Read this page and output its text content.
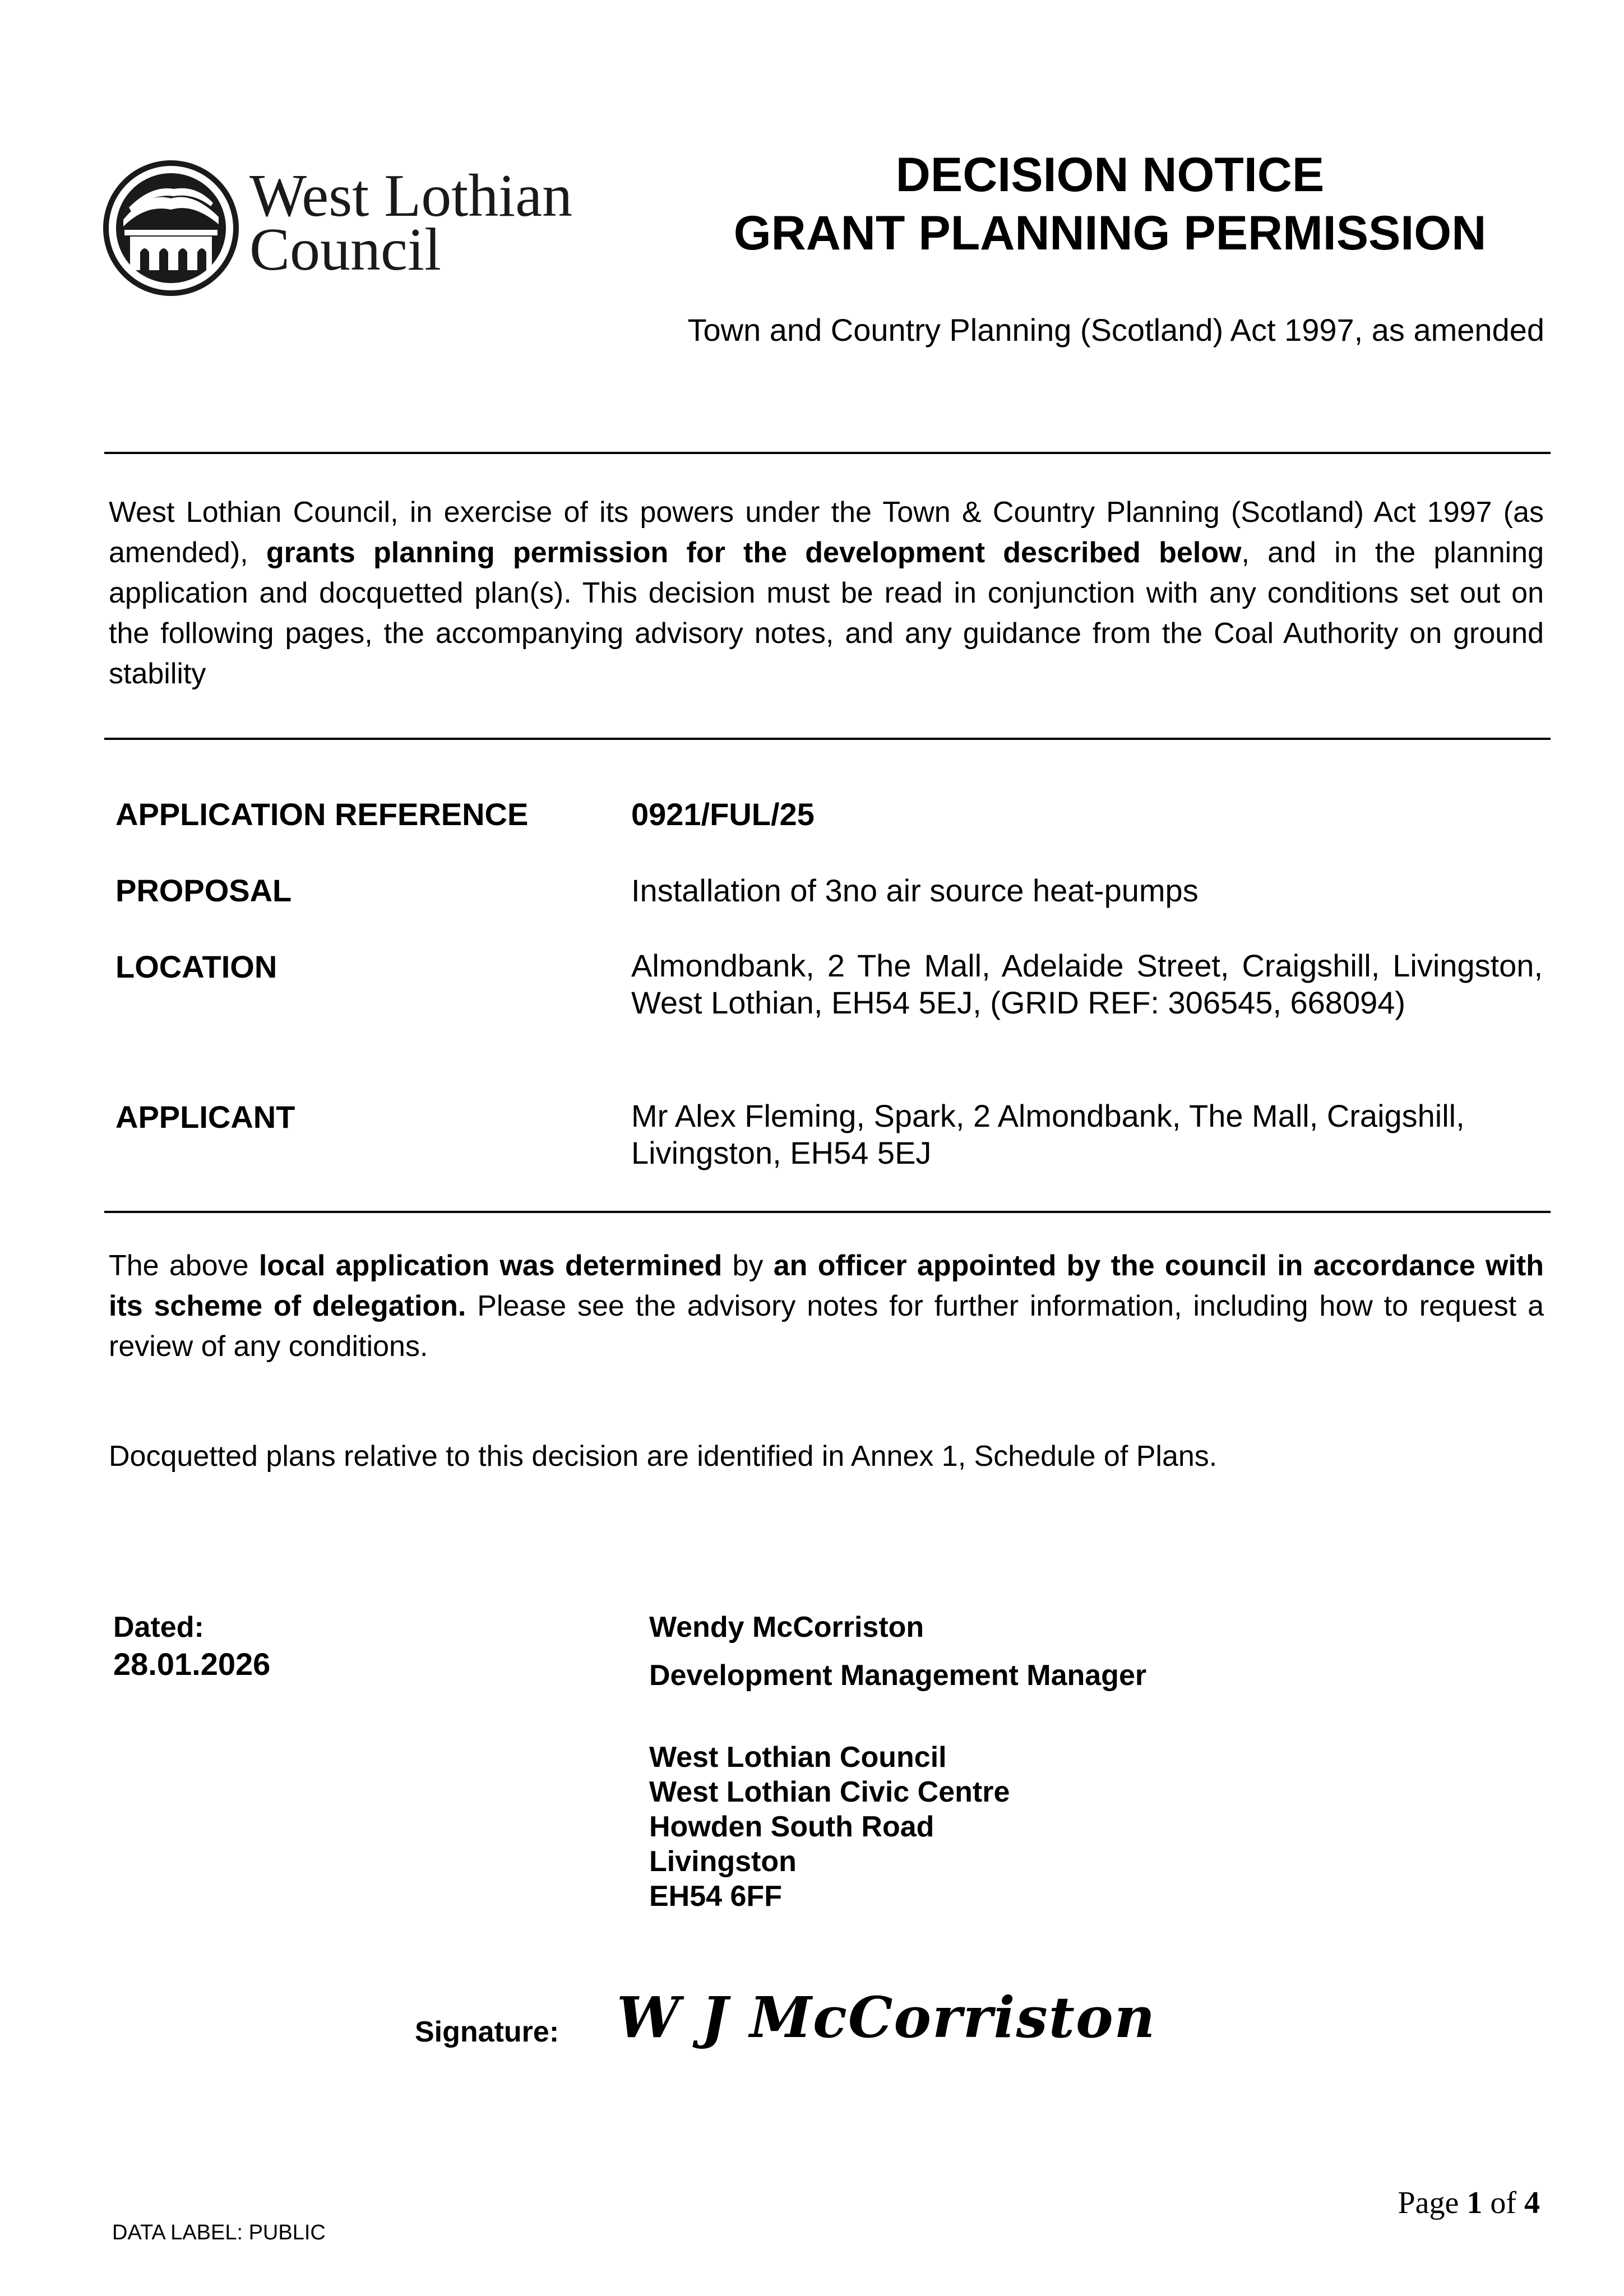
West Lothian
Council
DECISION NOTICE
GRANT PLANNING PERMISSION
Town and Country Planning (Scotland) Act 1997, as amended
West Lothian Council, in exercise of its powers under the Town & Country Planning (Scotland) Act 1997 (as amended), grants planning permission for the development described below, and in the planning application and docquetted plan(s). This decision must be read in conjunction with any conditions set out on the following pages, the accompanying advisory notes, and any guidance from the Coal Authority on ground stability
APPLICATION REFERENCE	0921/FUL/25
PROPOSAL	Installation of 3no air source heat-pumps
LOCATION	Almondbank, 2 The Mall, Adelaide Street, Craigshill, Livingston, West Lothian, EH54 5EJ, (GRID REF: 306545, 668094)
APPLICANT	Mr Alex Fleming, Spark, 2 Almondbank, The Mall, Craigshill,
Livingston, EH54 5EJ
The above local application was determined by an officer appointed by the council in accordance with its scheme of delegation. Please see the advisory notes for further information, including how to request a review of any conditions.
Docquetted plans relative to this decision are identified in Annex 1, Schedule of Plans.
Dated:
28.01.2026
Wendy McCorriston
Development Management Manager
West Lothian Council
West Lothian Civic Centre
Howden South Road
Livingston
EH54 6FF
Signature: W J McCorriston
Page 1 of 4
DATA LABEL: PUBLIC
